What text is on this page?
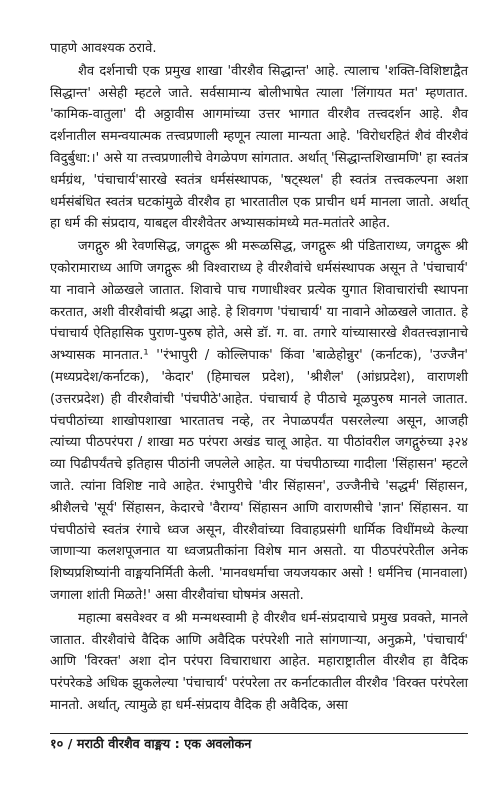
पाहणे आवश्यक ठरावे.

शैव दर्शनाची एक प्रमुख शाखा 'वीरशैव सिद्धान्त' आहे. त्यालाच 'शक्ति-विशिष्टाद्वैत सिद्धान्त' असेही म्हटले जाते. सर्वसामान्य बोलीभाषेत त्याला 'लिंगायत मत' म्हणतात. 'कामिक-वातुला' दी अठ्ठावीस आगमांच्या उत्तर भागात वीरशैव तत्त्वदर्शन आहे. शैव दर्शनातील समन्वयात्मक तत्त्वप्रणाली म्हणून त्याला मान्यता आहे. 'विरोधरहितं शैवं वीरशैवं विदुर्बुधा:।' असे या तत्त्वप्रणालीचे वेगळेपण सांगतात. अर्थात् 'सिद्धान्तशिखामणि' हा स्वतंत्र धर्मग्रंथ, 'पंचाचार्य'सारखे स्वतंत्र धर्मसंस्थापक, 'षट्स्थल' ही स्वतंत्र तत्त्वकल्पना अशा धर्मसंबंधित स्वतंत्र घटकांमुळे वीरशैव हा भारतातील एक प्राचीन धर्म मानला जातो. अर्थात् हा धर्म की संप्रदाय, याबद्दल वीरशैवेतर अभ्यासकांमध्ये मत-मतांतरे आहेत.

जगद्गुरु श्री रेवणसिद्ध, जगद्गुरू श्री मरूळसिद्ध, जगद्गुरू श्री पंडिताराध्य, जगद्गुरू श्री एकोरामाराध्य आणि जगद्गुरू श्री विश्वाराध्य हे वीरशैवांचे धर्मसंस्थापक असून ते 'पंचाचार्य' या नावाने ओळखले जातात. शिवाचे पाच गणाधीश्वर प्रत्येक युगात शिवाचारांची स्थापना करतात, अशी वीरशैवांची श्रद्धा आहे. हे शिवगण 'पंचाचार्य' या नावाने ओळखले जातात. हे पंचाचार्य ऐतिहासिक पुराण-पुरुष होते, असे डॉ. ग. वा. तगारे यांच्यासारखे शैवतत्त्वज्ञानाचे अभ्यासक मानतात.¹ ''रंभापुरी / कोल्लिपाक' किंवा 'बाळेहोन्नुर' (कर्नाटक), 'उज्जैन' (मध्यप्रदेश/कर्नाटक), 'केदार' (हिमाचल प्रदेश), 'श्रीशैल' (आंध्रप्रदेश), वाराणशी (उत्तरप्रदेश) ही वीरशैवांची 'पंचपीठे'आहेत. पंचाचार्य हे पीठाचे मूळपुरुष मानले जातात. पंचपीठांच्या शाखोपशाखा भारतातच नव्हे, तर नेपाळपर्यंत पसरलेल्या असून, आजही त्यांच्या पीठपरंपरा / शाखा मठ परंपरा अखंड चालू आहेत. या पीठांवरील जगद्गुरुंच्या ३२४ व्या पिढीपर्यंतचे इतिहास पीठांनी जपलेले आहेत. या पंचपीठाच्या गादीला 'सिंहासन' म्हटले जाते. त्यांना विशिष्ट नावे आहेत. रंभापुरीचे 'वीर सिंहासन', उज्जैनीचे 'सद्धर्म' सिंहासन, श्रीशैलचे 'सूर्य' सिंहासन, केदारचे 'वैराग्य' सिंहासन आणि वाराणसीचे 'ज्ञान' सिंहासन. या पंचपीठांचे स्वतंत्र रंगाचे ध्वज असून, वीरशैवांच्या विवाहप्रसंगी धार्मिक विधींमध्ये केल्या जाणाऱ्या कलशपूजनात या ध्वजप्रतीकांना विशेष मान असतो. या पीठपरंपरेतील अनेक शिष्यप्रशिष्यांनी वाङ्मयनिर्मिती केली. 'मानवधर्माचा जयजयकार असो ! धर्मनिच (मानवाला) जगाला शांती मिळते!' असा वीरशैवांचा घोषमंत्र असतो.

महात्मा बसवेश्वर व श्री मन्मथस्वामी हे वीरशैव धर्म-संप्रदायाचे प्रमुख प्रवक्ते, मानले जातात. वीरशैवांचे वैदिक आणि अवैदिक परंपरेशी नाते सांगणाऱ्या, अनुक्रमे, 'पंचाचार्य' आणि 'विरक्त' अशा दोन परंपरा विचाराधारा आहेत. महाराष्ट्रातील वीरशैव हा वैदिक परंपरेकडे अधिक झुकलेल्या 'पंचाचार्य' परंपरेला तर कर्नाटकातील वीरशैव 'विरक्त परंपरेला मानतो. अर्थात्, त्यामुळे हा धर्म-संप्रदाय वैदिक ही अवैदिक, असा

१० / मराठी वीरशैव वाङ्मय : एक अवलोकन
